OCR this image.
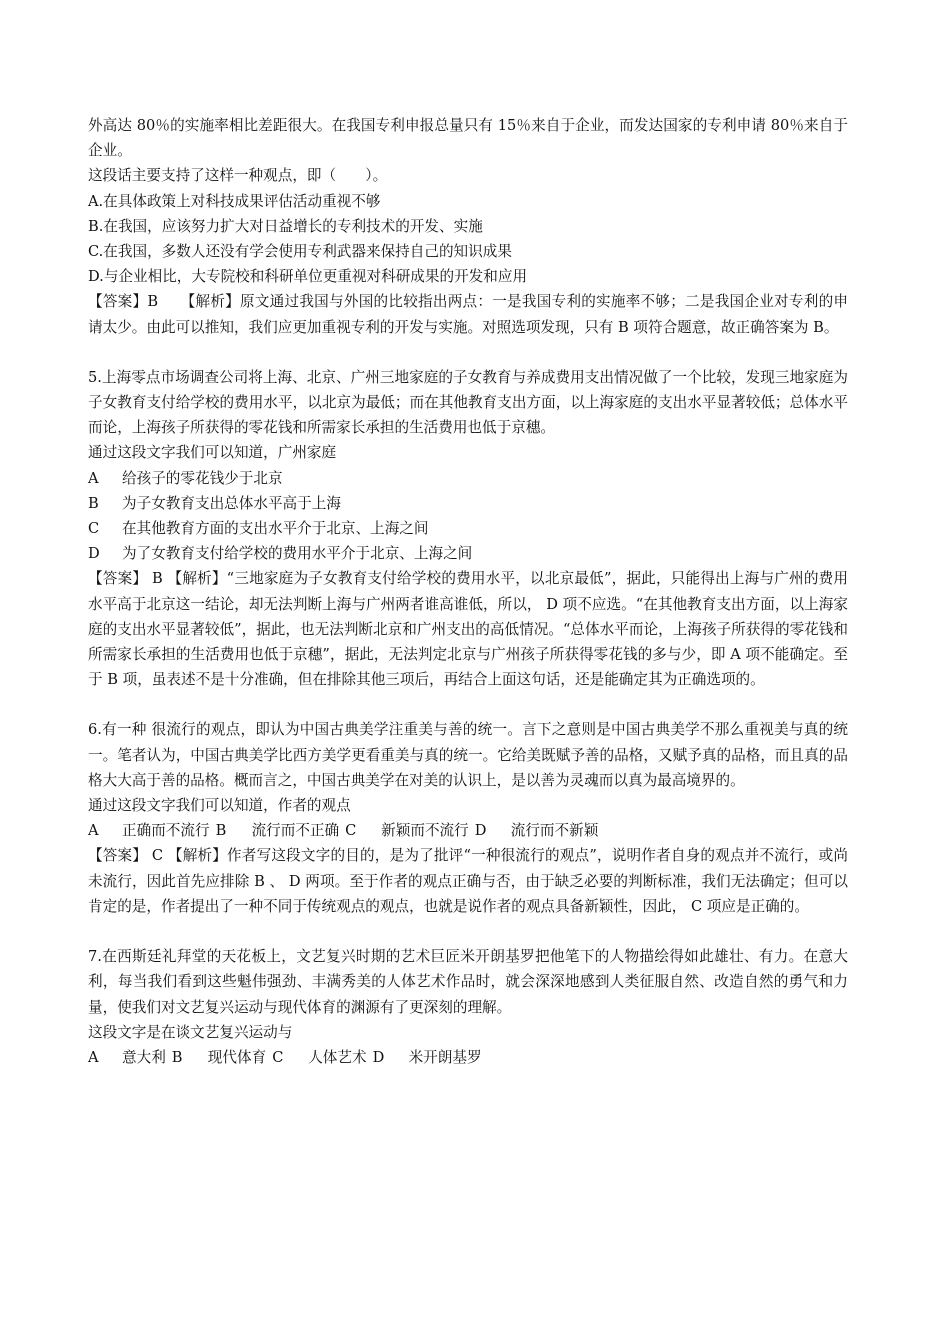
外高达 80％的实施率相比差距很大。在我国专利申报总量只有 15％来自于企业，而发达国家的专利申请 80％来自于企业。

这段话主要支持了这样一种观点，即（　　）。

A.在具体政策上对科技成果评估活动重视不够

B.在我国，应该努力扩大对日益增长的专利技术的开发、实施

C.在我国，多数人还没有学会使用专利武器来保持自己的知识成果

D.与企业相比，大专院校和科研单位更重视对科研成果的开发和应用

【答案】B　　【解析】原文通过我国与外国的比较指出两点：一是我国专利的实施率不够；二是我国企业对专利的申请太少。由此可以推知，我们应更加重视专利的开发与实施。对照选项发现，只有 B 项符合题意，故正确答案为 B。

5.上海零点市场调查公司将上海、北京、广州三地家庭的子女教育与养成费用支出情况做了一个比较，发现三地家庭为子女教育支付给学校的费用水平，以北京为最低；而在其他教育支出方面，以上海家庭的支出水平显著较低；总体水平而论，上海孩子所获得的零花钱和所需家长承担的生活费用也低于京穗。

通过这段文字我们可以知道，广州家庭

A	给孩子的零花钱少于北京
B	为子女教育支出总体水平高于上海
C	在其他教育方面的支出水平介于北京、上海之间
D	为了女教育支付给学校的费用水平介于北京、上海之间

【答案】 B 【解析】“三地家庭为子女教育支付给学校的费用水平，以北京最低”，据此，只能得出上海与广州的费用水平高于北京这一结论，却无法判断上海与广州两者谁高谁低，所以， D 项不应选。“在其他教育支出方面，以上海家庭的支出水平显著较低”，据此，也无法判断北京和广州支出的高低情况。“总体水平而论，上海孩子所获得的零花钱和所需家长承担的生活费用也低于京穗”，据此，无法判定北京与广州孩子所获得零花钱的多与少，即 A 项不能确定。至于 B 项，虽表述不是十分准确，但在排除其他三项后，再结合上面这句话，还是能确定其为正确选项的。

6.有一种 很流行的观点，即认为中国古典美学注重美与善的统一。言下之意则是中国古典美学不那么重视美与真的统一。笔者认为，中国古典美学比西方美学更看重美与真的统一。它给美既赋予善的品格，又赋予真的品格，而且真的品格大大高于善的品格。概而言之，中国古典美学在对美的认识上，是以善为灵魂而以真为最高境界的。

通过这段文字我们可以知道，作者的观点

A	正确而不流行 B	流行而不正确 C	新颖而不流行 D	流行而不新颖

【答案】 C 【解析】作者写这段文字的目的，是为了批评“一种很流行的观点”，说明作者自身的观点并不流行，或尚未流行，因此首先应排除 B 、 D 两项。至于作者的观点正确与否，由于缺乏必要的判断标准，我们无法确定；但可以肯定的是，作者提出了一种不同于传统观点的观点，也就是说作者的观点具备新颖性，因此， C 项应是正确的。

7.在西斯廷礼拜堂的天花板上，文艺复兴时期的艺术巨匠米开朗基罗把他笔下的人物描绘得如此雄壮、有力。在意大利，每当我们看到这些魁伟强劲、丰满秀美的人体艺术作品时，就会深深地感到人类征服自然、改造自然的勇气和力量，使我们对文艺复兴运动与现代体育的渊源有了更深刻的理解。

这段文字是在谈文艺复兴运动与

A	意大利 B	现代体育 C	人体艺术 D	米开朗基罗
